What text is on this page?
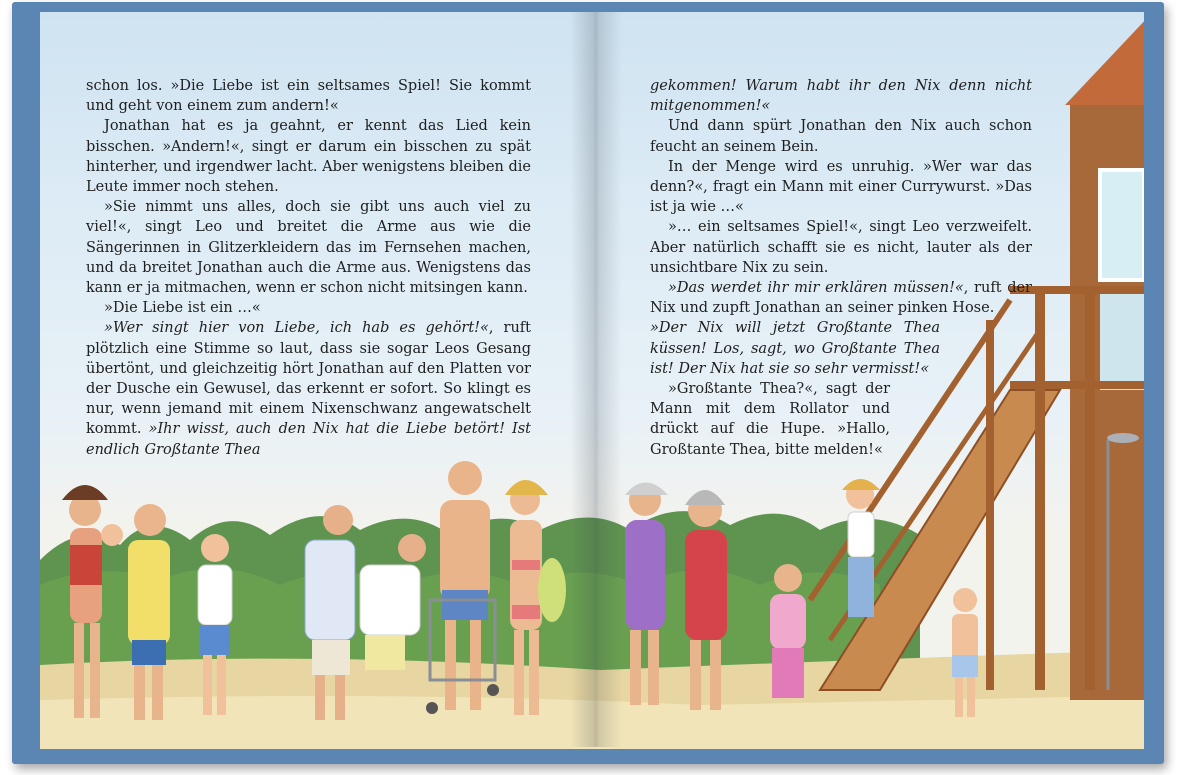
schon los. »Die Liebe ist ein seltsames Spiel! Sie kommt und geht von einem zum andern!«

Jonathan hat es ja geahnt, er kennt das Lied kein bisschen. »Andern!«, singt er darum ein bisschen zu spät hinterher, und irgendwer lacht. Aber wenigstens bleiben die Leute immer noch stehen.

»Sie nimmt uns alles, doch sie gibt uns auch viel zu viel!«, singt Leo und breitet die Arme aus wie die Sängerinnen in Glitzerkleidern das im Fernsehen machen, und da breitet Jonathan auch die Arme aus. Wenigstens das kann er ja mitmachen, wenn er schon nicht mitsingen kann.

»Die Liebe ist ein …«

»Wer singt hier von Liebe, ich hab es gehört!«, ruft plötzlich eine Stimme so laut, dass sie sogar Leos Gesang übertönt, und gleichzeitig hört Jonathan auf den Platten vor der Dusche ein Gewusel, das erkennt er sofort. So klingt es nur, wenn jemand mit einem Nixenschwanz angewatschelt kommt. »Ihr wisst, auch den Nix hat die Liebe betört! Ist endlich Großtante Thea

gekommen! Warum habt ihr den Nix denn nicht mitgenommen!«

Und dann spürt Jonathan den Nix auch schon feucht an seinem Bein.

In der Menge wird es unruhig. »Wer war das denn?«, fragt ein Mann mit einer Currywurst. »Das ist ja wie …«

»… ein seltsames Spiel!«, singt Leo verzweifelt. Aber natürlich schafft sie es nicht, lauter als der unsichtbare Nix zu sein.

»Das werdet ihr mir erklären müssen!«, ruft der Nix und zupft Jonathan an seiner pinken Hose.

»Der Nix will jetzt Großtante Thea küssen! Los, sagt, wo Großtante Thea ist! Der Nix hat sie so sehr vermisst!«

»Großtante Thea?«, sagt der Mann mit dem Rollator und drückt auf die Hupe. »Hallo, Großtante Thea, bitte melden!«
